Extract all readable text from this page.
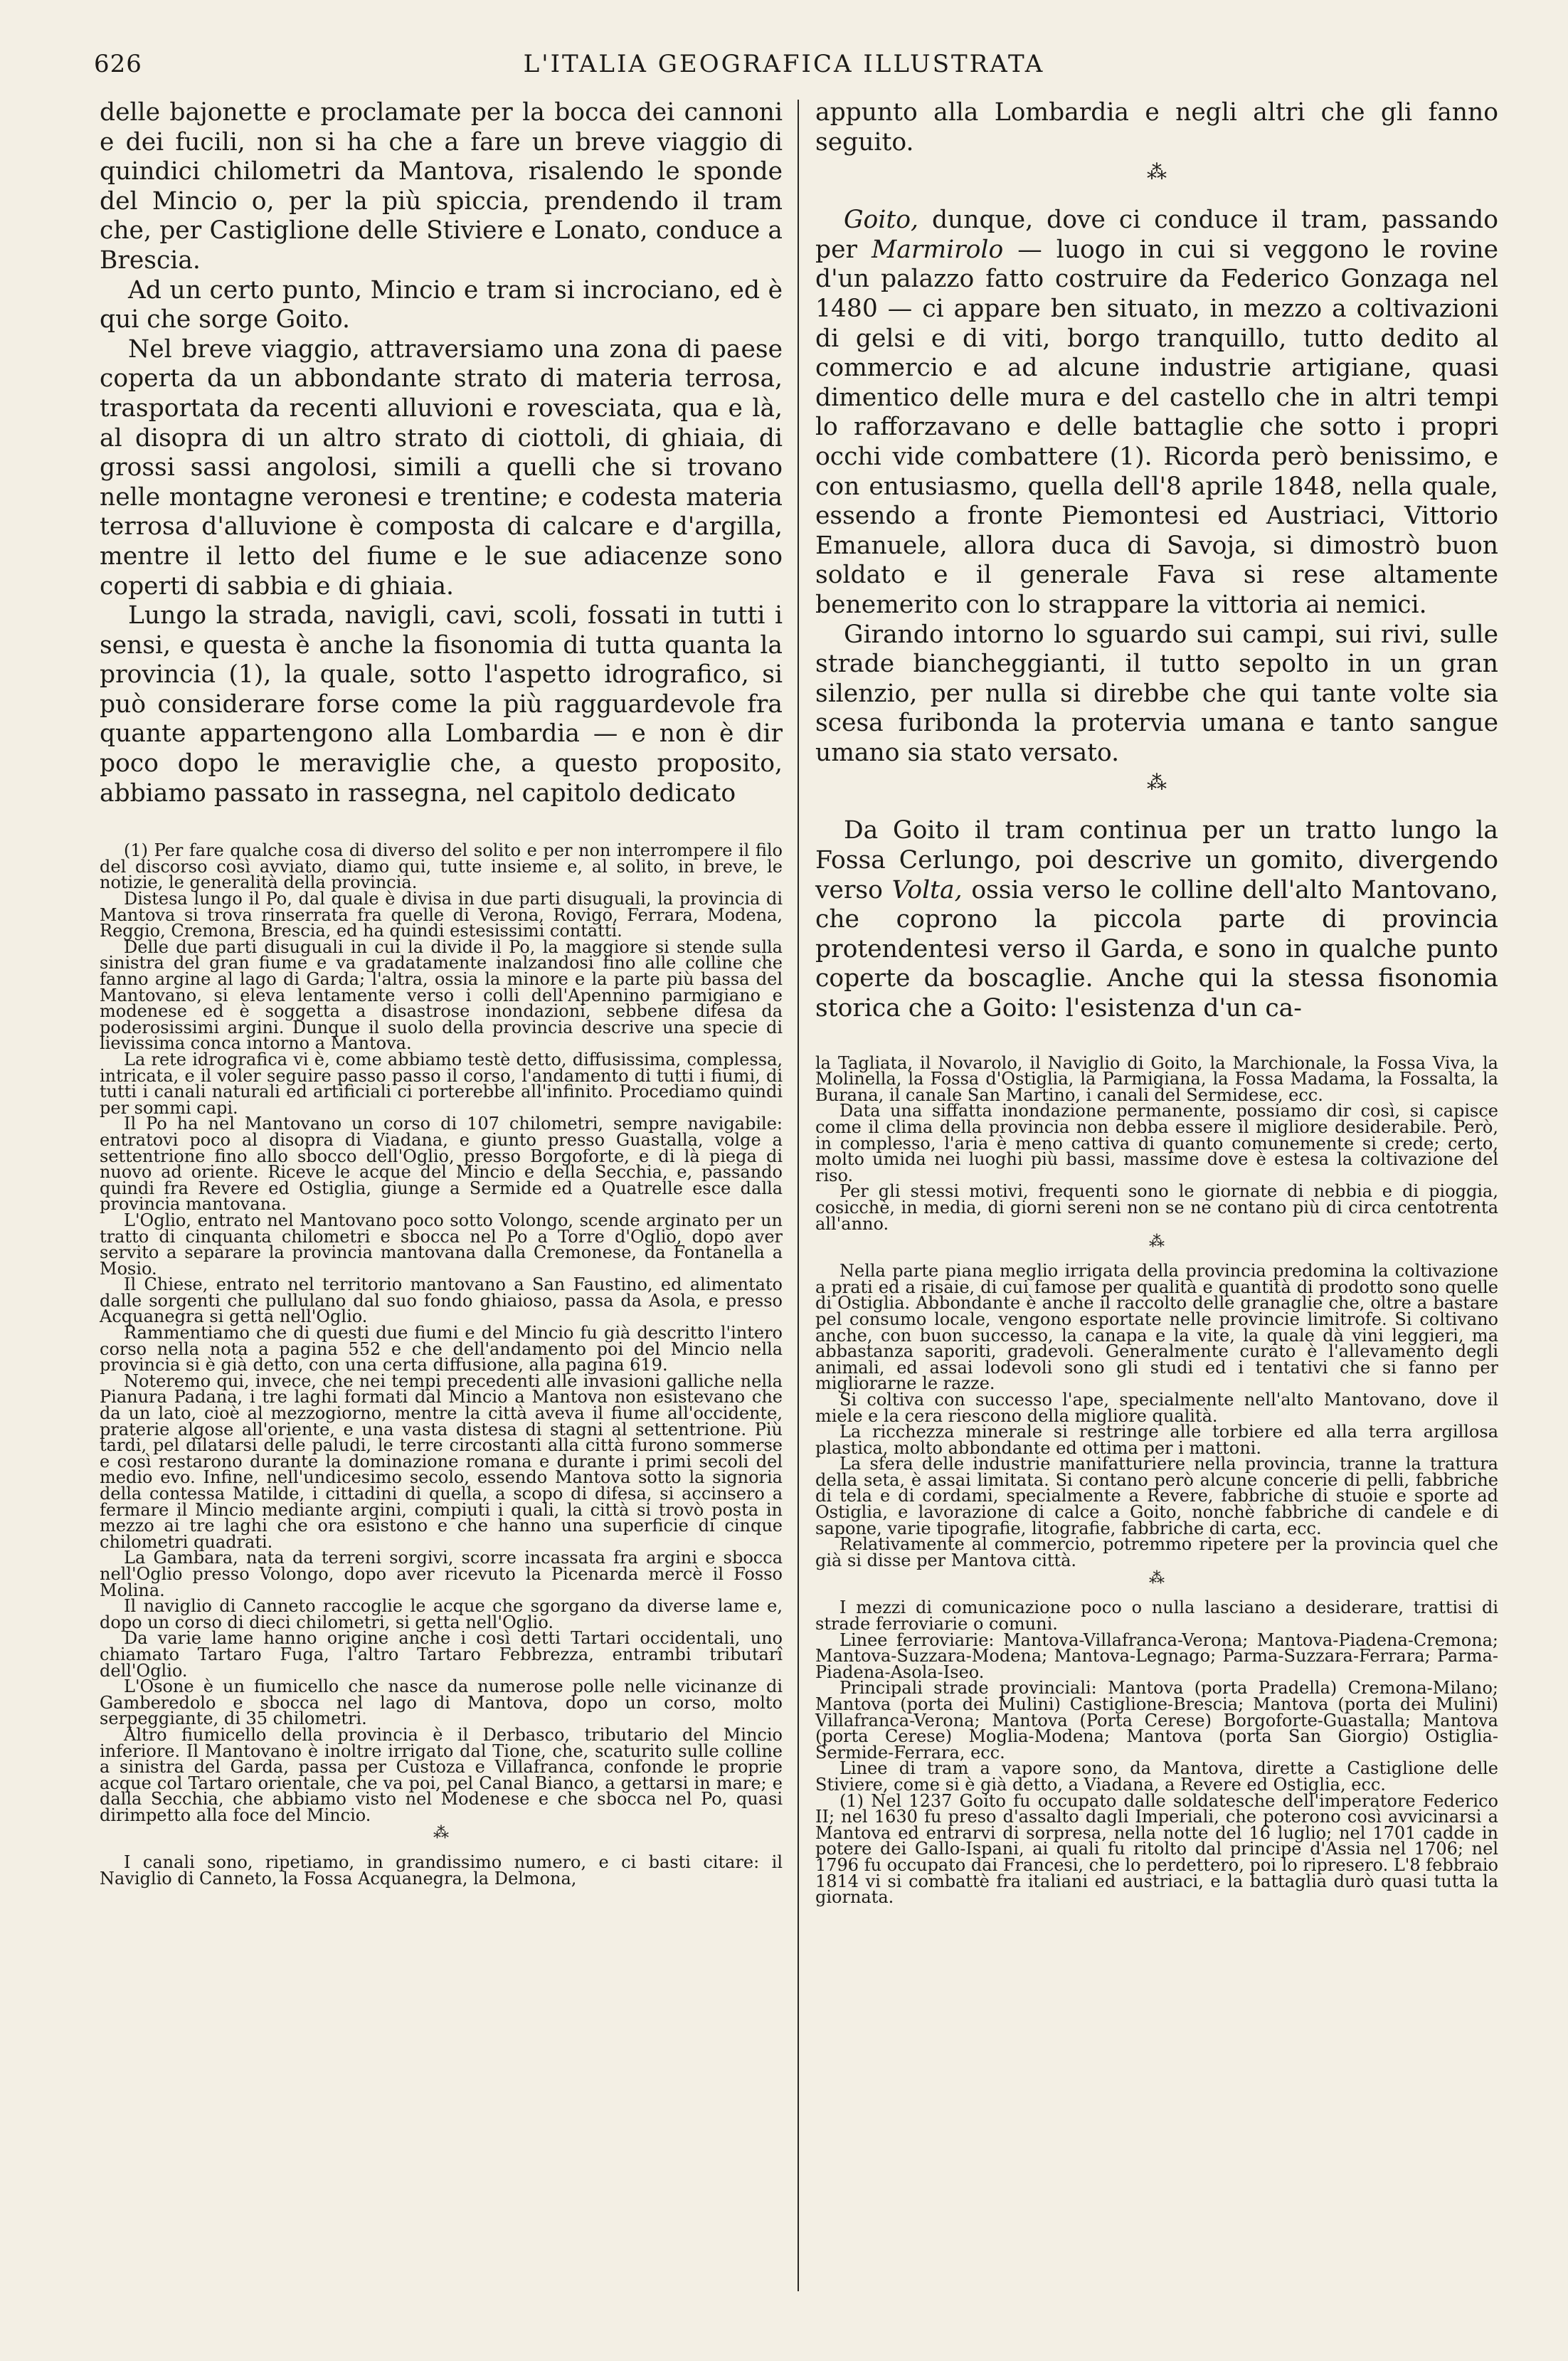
626	L'ITALIA GEOGRAFICA ILLUSTRATA

delle bajonette e proclamate per la bocca dei cannoni e dei fucili, non si ha che a fare un breve viaggio di quindici chilometri da Mantova, risalendo le sponde del Mincio o, per la più spiccia, prendendo il tram che, per Castiglione delle Stiviere e Lonato, conduce a Brescia.

Ad un certo punto, Mincio e tram si incrociano, ed è qui che sorge Goito.

Nel breve viaggio, attraversiamo una zona di paese coperta da un abbondante strato di materia terrosa, trasportata da recenti alluvioni e rovesciata, qua e là, al disopra di un altro strato di ciottoli, di ghiaia, di grossi sassi angolosi, simili a quelli che si trovano nelle montagne veronesi e trentine; e codesta materia terrosa d'alluvione è composta di calcare e d'argilla, mentre il letto del fiume e le sue adiacenze sono coperti di sabbia e di ghiaia.

Lungo la strada, navigli, cavi, scoli, fossati in tutti i sensi, e questa è anche la fisonomia di tutta quanta la provincia (1), la quale, sotto l'aspetto idrografico, si può considerare forse come la più ragguardevole fra quante appartengono alla Lombardia — e non è dir poco dopo le meraviglie che, a questo proposito, abbiamo passato in rassegna, nel capitolo dedicato

(1) Per fare qualche cosa di diverso del solito e per non interrompere il filo del discorso così avviato, diamo qui, tutte insieme e, al solito, in breve, le notizie, le generalità della provincia.

Distesa lungo il Po, dal quale è divisa in due parti disuguali, la provincia di Mantova si trova rinserrata fra quelle di Verona, Rovigo, Ferrara, Modena, Reggio, Cremona, Brescia, ed ha quindi estesissimi contatti.

Delle due parti disuguali in cui la divide il Po, la maggiore si stende sulla sinistra del gran fiume e va gradatamente inalzandosi fino alle colline che fanno argine al lago di Garda; l'altra, ossia la minore e la parte più bassa del Mantovano, si eleva lentamente verso i colli dell'Apennino parmigiano e modenese ed è soggetta a disastrose inondazioni, sebbene difesa da poderosissimi argini. Dunque il suolo della provincia descrive una specie di lievissima conca intorno a Mantova.

La rete idrografica vi è, come abbiamo testè detto, diffusissima, complessa, intricata, e il voler seguire passo passo il corso, l'andamento di tutti i fiumi, di tutti i canali naturali ed artificiali ci porterebbe all'infinito. Procediamo quindi per sommi capi.

Il Po ha nel Mantovano un corso di 107 chilometri, sempre navigabile: entratovi poco al disopra di Viadana, e giunto presso Guastalla, volge a settentrione fino allo sbocco dell'Oglio, presso Borgoforte, e di là piega di nuovo ad oriente. Riceve le acque del Mincio e della Secchia, e, passando quindi fra Revere ed Ostiglia, giunge a Sermide ed a Quatrelle esce dalla provincia mantovana.

L'Oglio, entrato nel Mantovano poco sotto Volongo, scende arginato per un tratto di cinquanta chilometri e sbocca nel Po a Torre d'Oglio, dopo aver servito a separare la provincia mantovana dalla Cremonese, da Fontanella a Mosio.

Il Chiese, entrato nel territorio mantovano a San Faustino, ed alimentato dalle sorgenti che pullulano dal suo fondo ghiaioso, passa da Asola, e presso Acquanegra si getta nell'Oglio.

Rammentiamo che di questi due fiumi e del Mincio fu già descritto l'intero corso nella nota a pagina 552 e che dell'andamento poi del Mincio nella provincia si è già detto, con una certa diffusione, alla pagina 619.

Noteremo qui, invece, che nei tempi precedenti alle invasioni galliche nella Pianura Padana, i tre laghi formati dal Mincio a Mantova non esistevano che da un lato, cioè al mezzogiorno, mentre la città aveva il fiume all'occidente, praterie algose all'oriente, e una vasta distesa di stagni al settentrione. Più tardi, pel dilatarsi delle paludi, le terre circostanti alla città furono sommerse e così restarono durante la dominazione romana e durante i primi secoli del medio evo. Infine, nell'undicesimo secolo, essendo Mantova sotto la signoria della contessa Matilde, i cittadini di quella, a scopo di difesa, si accinsero a fermare il Mincio mediante argini, compiuti i quali, la città si trovò posta in mezzo ai tre laghi che ora esistono e che hanno una superficie di cinque chilometri quadrati.

La Gambara, nata da terreni sorgivi, scorre incassata fra argini e sbocca nell'Oglio presso Volongo, dopo aver ricevuto la Picenarda mercè il Fosso Molina.

Il naviglio di Canneto raccoglie le acque che sgorgano da diverse lame e, dopo un corso di dieci chilometri, si getta nell'Oglio.

Da varie lame hanno origine anche i così detti Tartari occidentali, uno chiamato Tartaro Fuga, l'altro Tartaro Febbrezza, entrambi tributarî dell'Oglio.

L'Osone è un fiumicello che nasce da numerose polle nelle vicinanze di Gamberedolo e sbocca nel lago di Mantova, dopo un corso, molto serpeggiante, di 35 chilometri.

Altro fiumicello della provincia è il Derbasco, tributario del Mincio inferiore. Il Mantovano è inoltre irrigato dal Tione, che, scaturito sulle colline a sinistra del Garda, passa per Custoza e Villafranca, confonde le proprie acque col Tartaro orientale, che va poi, pel Canal Bianco, a gettarsi in mare; e dalla Secchia, che abbiamo visto nel Modenese e che sbocca nel Po, quasi dirimpetto alla foce del Mincio.

⁂

I canali sono, ripetiamo, in grandissimo numero, e ci basti citare: il Naviglio di Canneto, la Fossa Acquanegra, la Delmona,

appunto alla Lombardia e negli altri che gli fanno seguito.

⁂

Goito, dunque, dove ci conduce il tram, passando per Marmirolo — luogo in cui si veggono le rovine d'un palazzo fatto costruire da Federico Gonzaga nel 1480 — ci appare ben situato, in mezzo a coltivazioni di gelsi e di viti, borgo tranquillo, tutto dedito al commercio e ad alcune industrie artigiane, quasi dimentico delle mura e del castello che in altri tempi lo rafforzavano e delle battaglie che sotto i propri occhi vide combattere (1). Ricorda però benissimo, e con entusiasmo, quella dell'8 aprile 1848, nella quale, essendo a fronte Piemontesi ed Austriaci, Vittorio Emanuele, allora duca di Savoja, si dimostrò buon soldato e il generale Fava si rese altamente benemerito con lo strappare la vittoria ai nemici.

Girando intorno lo sguardo sui campi, sui rivi, sulle strade biancheggianti, il tutto sepolto in un gran silenzio, per nulla si direbbe che qui tante volte sia scesa furibonda la protervia umana e tanto sangue umano sia stato versato.

⁂

Da Goito il tram continua per un tratto lungo la Fossa Cerlungo, poi descrive un gomito, divergendo verso Volta, ossia verso le colline dell'alto Mantovano, che coprono la piccola parte di provincia protendentesi verso il Garda, e sono in qualche punto coperte da boscaglie. Anche qui la stessa fisonomia storica che a Goito: l'esistenza d'un ca-

la Tagliata, il Novarolo, il Naviglio di Goito, la Marchionale, la Fossa Viva, la Molinella, la Fossa d'Ostiglia, la Parmigiana, la Fossa Madama, la Fossalta, la Burana, il canale San Martino, i canali del Sermidese, ecc.

Data una siffatta inondazione permanente, possiamo dir così, si capisce come il clima della provincia non debba essere il migliore desiderabile. Però, in complesso, l'aria è meno cattiva di quanto comunemente si crede; certo, molto umida nei luoghi più bassi, massime dove è estesa la coltivazione del riso.

Per gli stessi motivi, frequenti sono le giornate di nebbia e di pioggia, cosicchè, in media, di giorni sereni non se ne contano più di circa centotrenta all'anno.

⁂

Nella parte piana meglio irrigata della provincia predomina la coltivazione a prati ed a risaie, di cui famose per qualità e quantità di prodotto sono quelle di Ostiglia. Abbondante è anche il raccolto delle granaglie che, oltre a bastare pel consumo locale, vengono esportate nelle provincie limitrofe. Si coltivano anche, con buon successo, la canapa e la vite, la quale dà vini leggieri, ma abbastanza saporiti, gradevoli. Generalmente curato è l'allevamento degli animali, ed assai lodevoli sono gli studi ed i tentativi che si fanno per migliorarne le razze.

Si coltiva con successo l'ape, specialmente nell'alto Mantovano, dove il miele e la cera riescono della migliore qualità.

La ricchezza minerale si restringe alle torbiere ed alla terra argillosa plastica, molto abbondante ed ottima per i mattoni.

La sfera delle industrie manifatturiere nella provincia, tranne la trattura della seta, è assai limitata. Si contano però alcune concerie di pelli, fabbriche di tela e di cordami, specialmente a Revere, fabbriche di stuoie e sporte ad Ostiglia, e lavorazione di calce a Goito, nonchè fabbriche di candele e di sapone, varie tipografie, litografie, fabbriche di carta, ecc.

Relativamente al commercio, potremmo ripetere per la provincia quel che già si disse per Mantova città.

⁂

I mezzi di comunicazione poco o nulla lasciano a desiderare, trattisi di strade ferroviarie o comuni.

Linee ferroviarie: Mantova-Villafranca-Verona; Mantova-Piadena-Cremona; Mantova-Suzzara-Modena; Mantova-Legnago; Parma-Suzzara-Ferrara; Parma-Piadena-Asola-Iseo.

Principali strade provinciali: Mantova (porta Pradella) Cremona-Milano; Mantova (porta dei Mulini) Castiglione-Brescia; Mantova (porta dei Mulini) Villafranca-Verona; Mantova (Porta Cerese) Borgoforte-Guastalla; Mantova (porta Cerese) Moglia-Modena; Mantova (porta San Giorgio) Ostiglia-Sermide-Ferrara, ecc.

Linee di tram a vapore sono, da Mantova, dirette a Castiglione delle Stiviere, come si è già detto, a Viadana, a Revere ed Ostiglia, ecc.

(1) Nel 1237 Goito fu occupato dalle soldatesche dell'imperatore Federico II; nel 1630 fu preso d'assalto dagli Imperiali, che poterono così avvicinarsi a Mantova ed entrarvi di sorpresa, nella notte del 16 luglio; nel 1701 cadde in potere dei Gallo-Ispani, ai quali fu ritolto dal principe d'Assia nel 1706; nel 1796 fu occupato dai Francesi, che lo perdettero, poi lo ripresero. L'8 febbraio 1814 vi si combattè fra italiani ed austriaci, e la battaglia durò quasi tutta la giornata.
